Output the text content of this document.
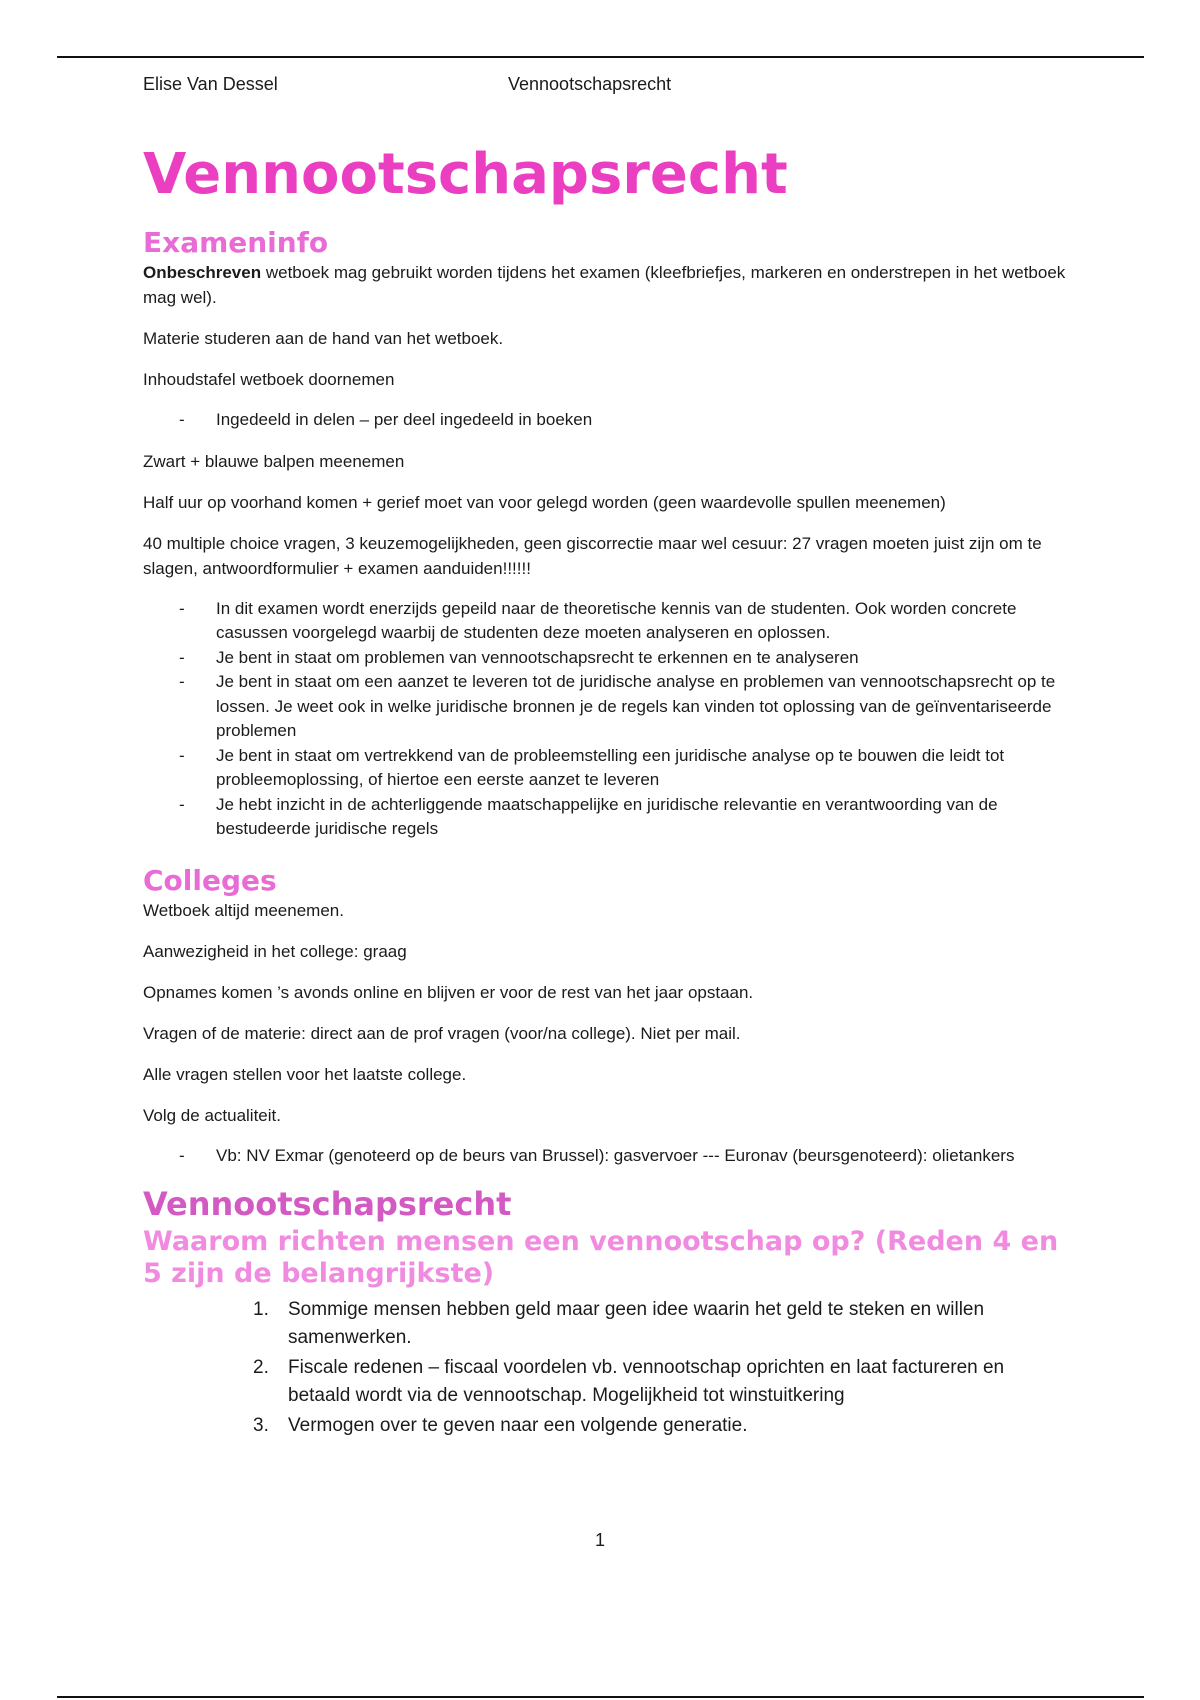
Elise Van Dessel	Vennootschapsrecht
Vennootschapsrecht
Exameninfo

Onbeschreven wetboek mag gebruikt worden tijdens het examen (kleefbriefjes, markeren en onderstrepen in het wetboek mag wel).

Materie studeren aan de hand van het wetboek.

Inhoudstafel wetboek doornemen

- Ingedeeld in delen – per deel ingedeeld in boeken

Zwart + blauwe balpen meenemen

Half uur op voorhand komen + gerief moet van voor gelegd worden (geen waardevolle spullen meenemen)

40 multiple choice vragen, 3 keuzemogelijkheden, geen giscorrectie maar wel cesuur: 27 vragen moeten juist zijn om te slagen, antwoordformulier + examen aanduiden!!!!!!

- In dit examen wordt enerzijds gepeild naar de theoretische kennis van de studenten. Ook worden concrete casussen voorgelegd waarbij de studenten deze moeten analyseren en oplossen.
- Je bent in staat om problemen van vennootschapsrecht te erkennen en te analyseren
- Je bent in staat om een aanzet te leveren tot de juridische analyse en problemen van vennootschapsrecht op te lossen. Je weet ook in welke juridische bronnen je de regels kan vinden tot oplossing van de geïnventariseerde problemen
- Je bent in staat om vertrekkend van de probleemstelling een juridische analyse op te bouwen die leidt tot probleemoplossing, of hiertoe een eerste aanzet te leveren
- Je hebt inzicht in de achterliggende maatschappelijke en juridische relevantie en verantwoording van de bestudeerde juridische regels
Colleges

Wetboek altijd meenemen.

Aanwezigheid in het college: graag

Opnames komen ’s avonds online en blijven er voor de rest van het jaar opstaan.

Vragen of de materie: direct aan de prof vragen (voor/na college). Niet per mail.

Alle vragen stellen voor het laatste college.

Volg de actualiteit.

- Vb: NV Exmar (genoteerd op de beurs van Brussel): gasvervoer --- Euronav (beursgenoteerd): olietankers
Vennootschapsrecht
Waarom richten mensen een vennootschap op? (Reden 4 en 5 zijn de belangrijkste)
1. Sommige mensen hebben geld maar geen idee waarin het geld te steken en willen samenwerken.
2. Fiscale redenen – fiscaal voordelen vb. vennootschap oprichten en laat factureren en betaald wordt via de vennootschap. Mogelijkheid tot winstuitkering
3. Vermogen over te geven naar een volgende generatie.
1
